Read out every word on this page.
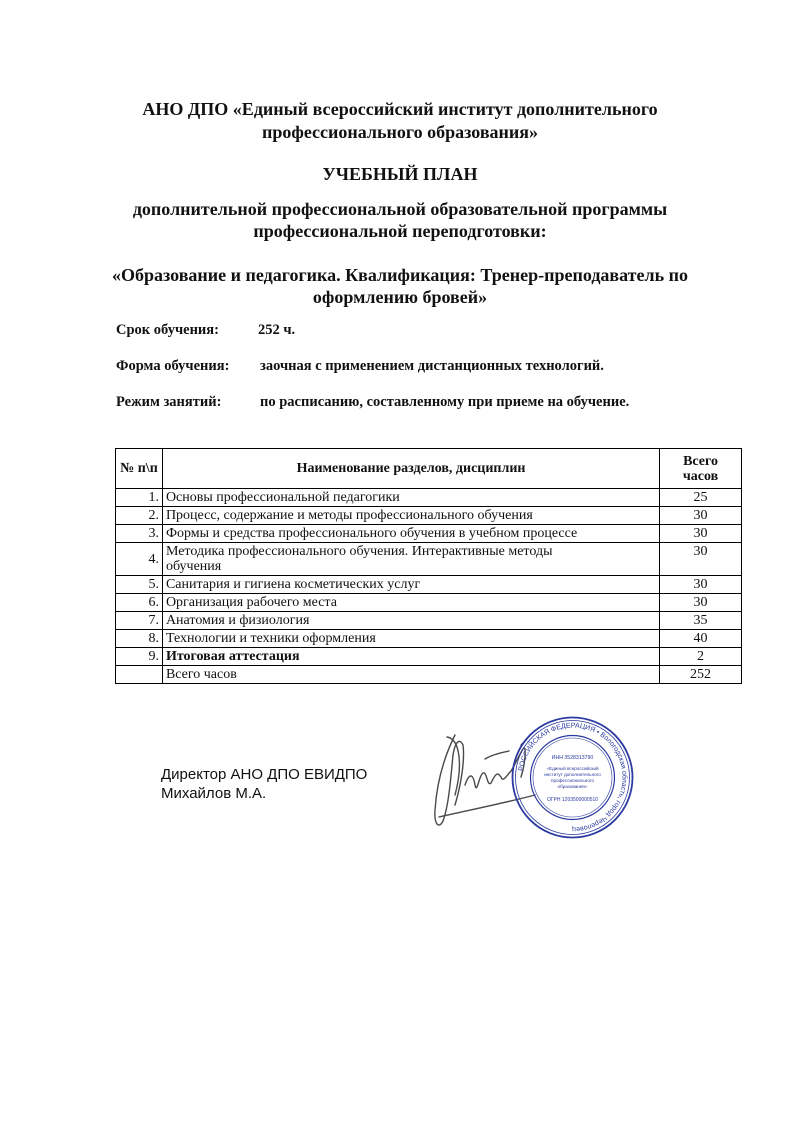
АНО ДПО «Единый всероссийский институт дополнительного
профессионального образования»
УЧЕБНЫЙ ПЛАН
дополнительной профессиональной образовательной программы
профессиональной переподготовки:
«Образование и педагогика. Квалификация: Тренер-преподаватель по
оформлению бровей»
Срок обучения:	252 ч.
Форма обучения: заочная с применением дистанционных технологий.
Режим занятий:	по расписанию, составленному при приеме на обучение.
№ п\п	Наименование разделов, дисциплин	Всего
часов

1.	Основы профессиональной педагогики	25
2.	Процесс, содержание и методы профессионального обучения	30
3.	Формы и средства профессионального обучения в учебном процессе	30
4.	Методика профессионального обучения. Интерактивные методы обучения	30
5.	Санитария и гигиена косметических услуг	30
6.	Организация рабочего места	30
7.	Анатомия и физиология	35
8.	Технологии и техники оформления	40
9.	Итоговая аттестация	2
	Всего часов	252
Директор АНО ДПО ЕВИДПО
Михайлов М.А.
РОССИЙСКАЯ ФЕДЕРАЦИЯ • Вологодская область, город Череповец
ИНН 3528313790
«Единый всероссийский
институт дополнительного
профессионального
образования»
ОГРН 1203500000510
